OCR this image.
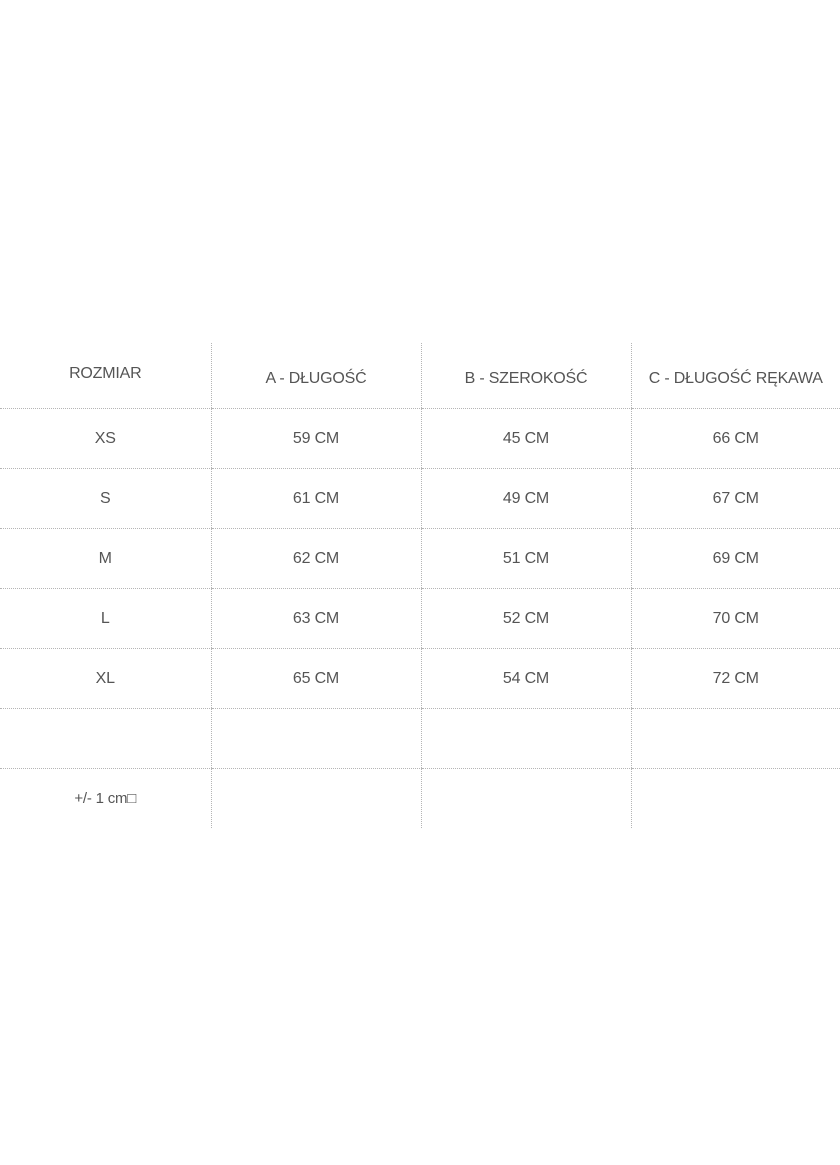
ROZMIAR	A - DŁUGOŚĆ	B - SZEROKOŚĆ	C - DŁUGOŚĆ RĘKAWA
XS	59 CM	45 CM	66 CM
S	61 CM	49 CM	67 CM
M	62 CM	51 CM	69 CM
L	63 CM	52 CM	70 CM
XL	65 CM	54 CM	72 CM

+/- 1 cm□			
